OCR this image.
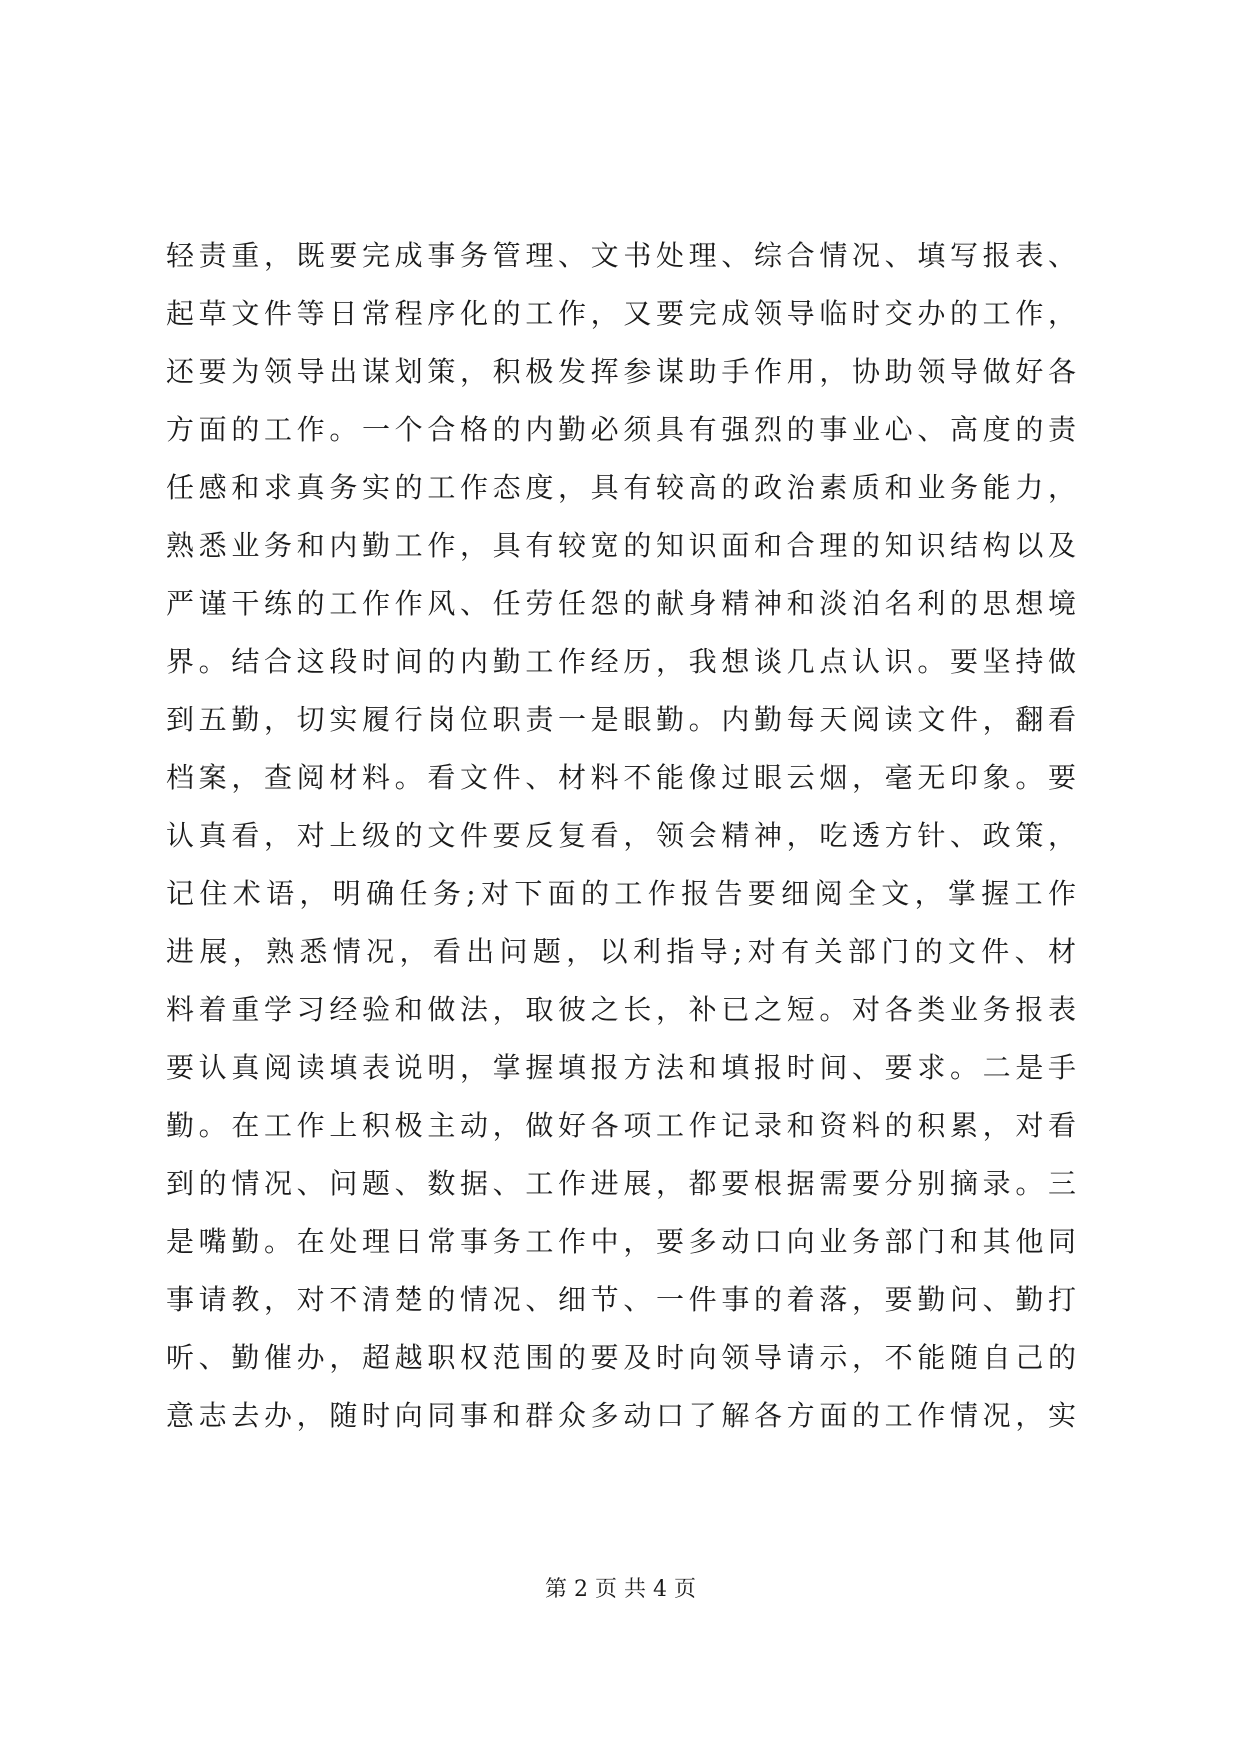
轻责重，既要完成事务管理、文书处理、综合情况、填写报表、
起草文件等日常程序化的工作，又要完成领导临时交办的工作，
还要为领导出谋划策，积极发挥参谋助手作用，协助领导做好各
方面的工作。一个合格的内勤必须具有强烈的事业心、高度的责
任感和求真务实的工作态度，具有较高的政治素质和业务能力，
熟悉业务和内勤工作，具有较宽的知识面和合理的知识结构以及
严谨干练的工作作风、任劳任怨的献身精神和淡泊名利的思想境
界。结合这段时间的内勤工作经历，我想谈几点认识。要坚持做
到五勤，切实履行岗位职责一是眼勤。内勤每天阅读文件，翻看
档案，查阅材料。看文件、材料不能像过眼云烟，毫无印象。要
认真看，对上级的文件要反复看，领会精神，吃透方针、政策，
记住术语，明确任务;对下面的工作报告要细阅全文，掌握工作
进展，熟悉情况，看出问题，以利指导;对有关部门的文件、材
料着重学习经验和做法，取彼之长，补已之短。对各类业务报表
要认真阅读填表说明，掌握填报方法和填报时间、要求。二是手
勤。在工作上积极主动，做好各项工作记录和资料的积累，对看
到的情况、问题、数据、工作进展，都要根据需要分别摘录。三
是嘴勤。在处理日常事务工作中，要多动口向业务部门和其他同
事请教，对不清楚的情况、细节、一件事的着落，要勤问、勤打
听、勤催办，超越职权范围的要及时向领导请示，不能随自己的
意志去办，随时向同事和群众多动口了解各方面的工作情况，实
第 2 页 共 4 页
